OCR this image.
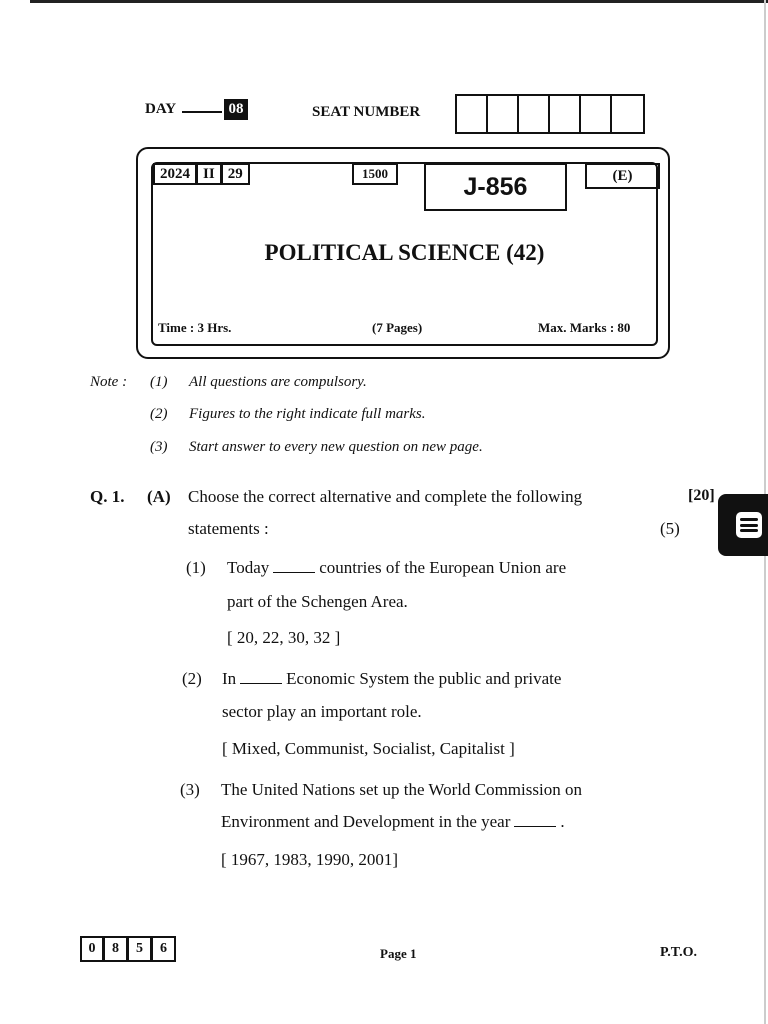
DAY	08	SEAT NUMBER
2024 II 29	1500	J-856	(E)
POLITICAL SCIENCE (42)
Time : 3 Hrs.	(7 Pages)	Max. Marks : 80
Note : (1) All questions are compulsory.
(2) Figures to the right indicate full marks.
(3) Start answer to every new question on new page.
Q. 1. (A) Choose the correct alternative and complete the following
statements :
[20]
(5)
(1) Today	countries of the European Union are
part of the Schengen Area.
[ 20, 22, 30, 32 ]
(2) In	Economic System the public and private
sector play an important role.
[ Mixed, Communist, Socialist, Capitalist ]
(3) The United Nations set up the World Commission on
Environment and Development in the year	.
[ 1967, 1983, 1990, 2001]
0	8	5	6	Page 1	P.T.O.
